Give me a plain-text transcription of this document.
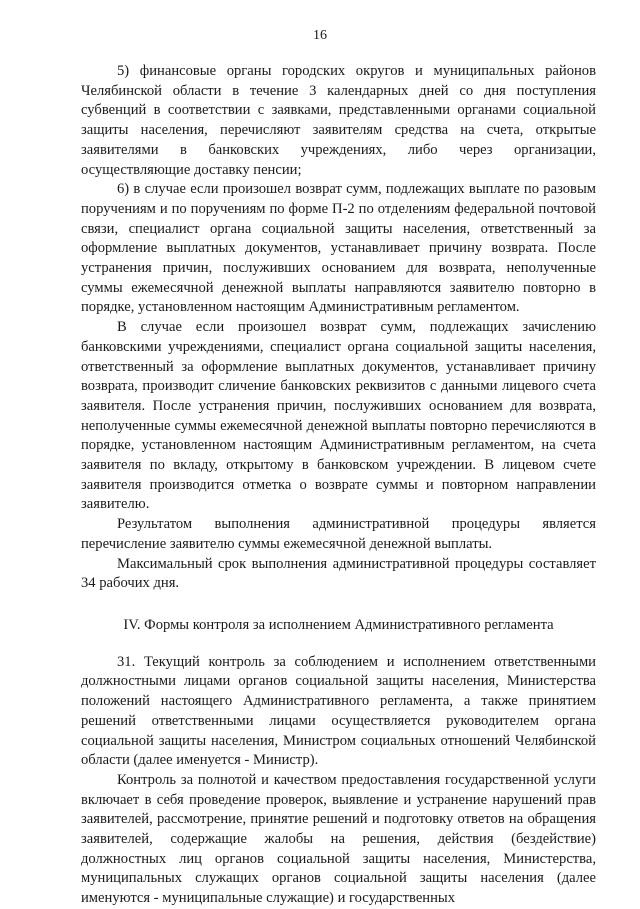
16

5) финансовые органы городских округов и муниципальных районов Челябинской области в течение 3 календарных дней со дня поступления субвенций в соответствии с заявками, представленными органами социальной защиты населения, перечисляют заявителям средства на счета, открытые заявителями в банковских учреждениях, либо через организации, осуществляющие доставку пенсии;

6) в случае если произошел возврат сумм, подлежащих выплате по разовым поручениям и по поручениям по форме П-2 по отделениям федеральной почтовой связи, специалист органа социальной защиты населения, ответственный за оформление выплатных документов, устанавливает причину возврата. После устранения причин, послуживших основанием для возврата, неполученные суммы ежемесячной денежной выплаты направляются заявителю повторно в порядке, установленном настоящим Административным регламентом.

В случае если произошел возврат сумм, подлежащих зачислению банковскими учреждениями, специалист органа социальной защиты населения, ответственный за оформление выплатных документов, устанавливает причину возврата, производит сличение банковских реквизитов с данными лицевого счета заявителя. После устранения причин, послуживших основанием для возврата, неполученные суммы ежемесячной денежной выплаты повторно перечисляются в порядке, установленном настоящим Административным регламентом, на счета заявителя по вкладу, открытому в банковском учреждении. В лицевом счете заявителя производится отметка о возврате суммы и повторном направлении заявителю.

Результатом выполнения административной процедуры является перечисление заявителю суммы ежемесячной денежной выплаты.

Максимальный срок выполнения административной процедуры составляет 34 рабочих дня.

IV. Формы контроля за исполнением Административного регламента

31. Текущий контроль за соблюдением и исполнением ответственными должностными лицами органов социальной защиты населения, Министерства положений настоящего Административного регламента, а также принятием решений ответственными лицами осуществляется руководителем органа социальной защиты населения, Министром социальных отношений Челябинской области (далее именуется - Министр).

Контроль за полнотой и качеством предоставления государственной услуги включает в себя проведение проверок, выявление и устранение нарушений прав заявителей, рассмотрение, принятие решений и подготовку ответов на обращения заявителей, содержащие жалобы на решения, действия (бездействие) должностных лиц органов социальной защиты населения, Министерства, муниципальных служащих органов социальной защиты населения (далее именуются - муниципальные служащие) и государственных
